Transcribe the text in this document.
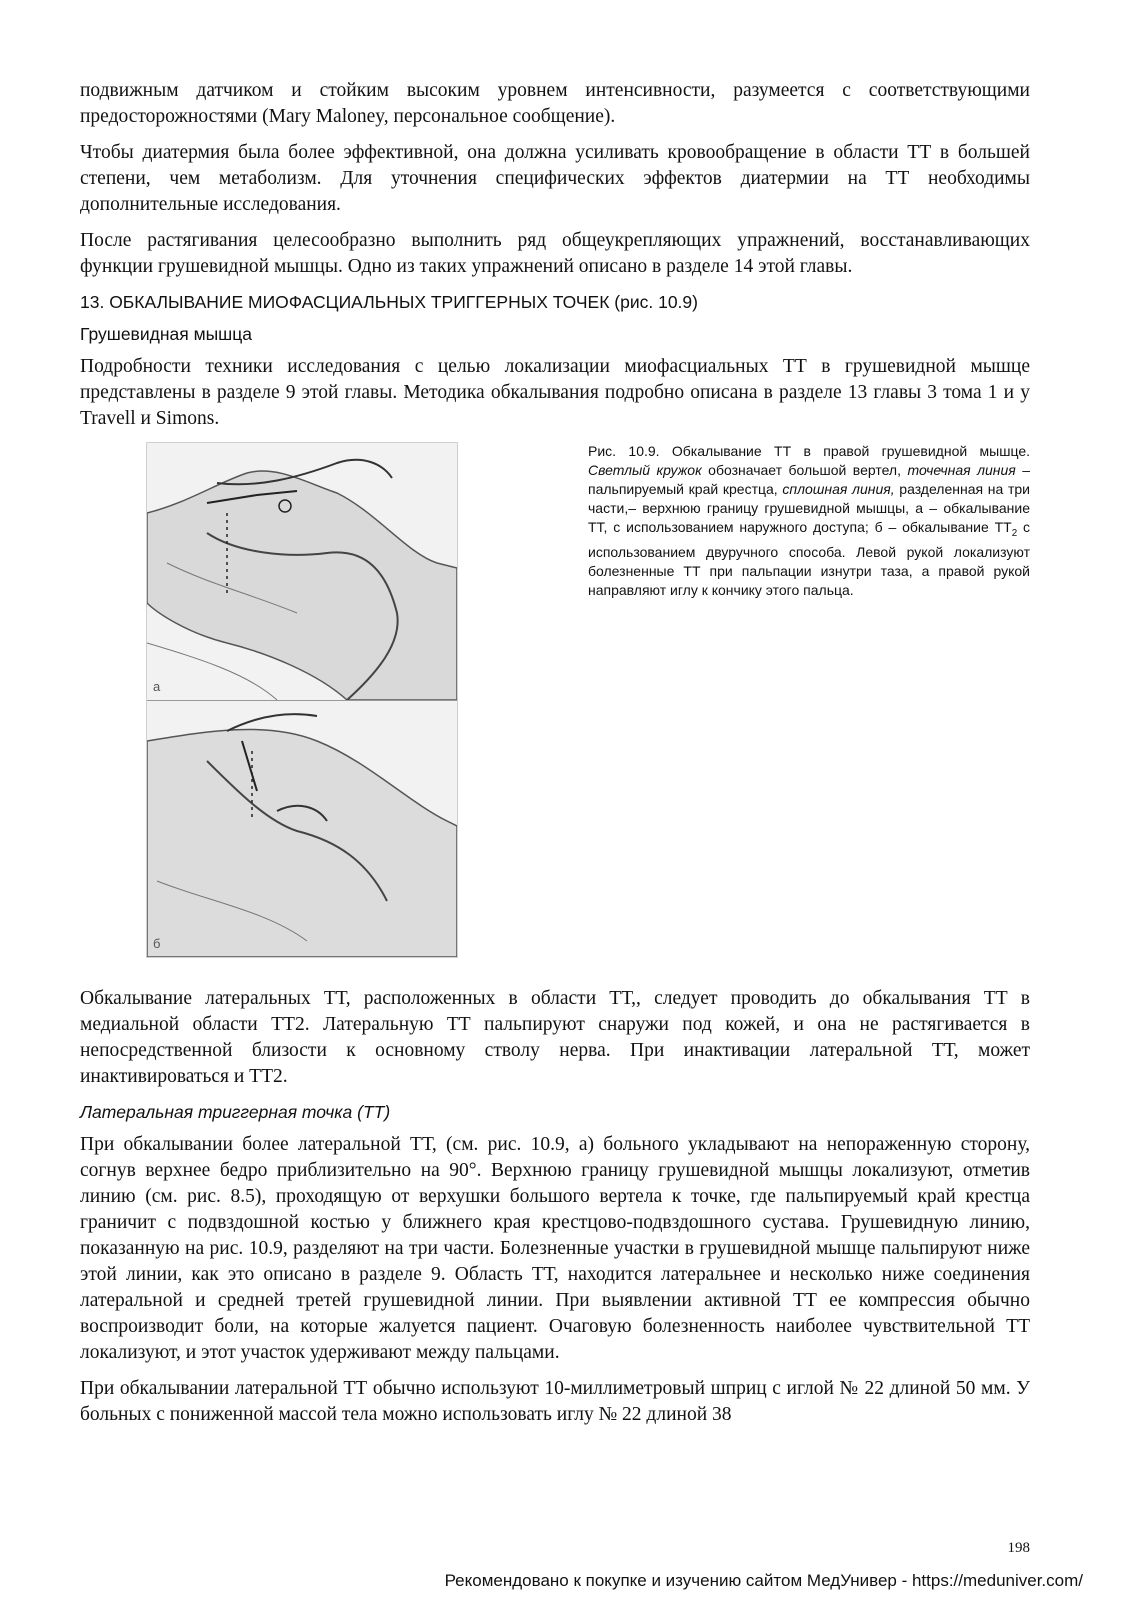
подвижным датчиком и стойким высоким уровнем интенсивности, разумеется с соответствующими предосторожностями (Mary Maloney, персональное сообщение).

Чтобы диатермия была более эффективной, она должна усиливать кровообращение в области ТТ в большей степени, чем метаболизм. Для уточнения специфических эффектов диатермии на ТТ необходимы дополнительные исследования.

После растягивания целесообразно выполнить ряд общеукрепляющих упражнений, восстанавливающих функции грушевидной мышцы. Одно из таких упражнений описано в разделе 14 этой главы.

13. ОБКАЛЫВАНИЕ МИОФАСЦИАЛЬНЫХ ТРИГГЕРНЫХ ТОЧЕК (рис. 10.9)
Грушевидная мышца

Подробности техники исследования с целью локализации миофасциальных ТТ в грушевидной мышце представлены в разделе 9 этой главы. Методика обкалывания подробно описана в разделе 13 главы 3 тома 1 и у Travell и Simons.

а
б
Рис. 10.9. Обкалывание ТТ в правой грушевидной мышце. Светлый кружок обозначает большой вертел, точечная линия – пальпируемый край крестца, сплошная линия, разделенная на три части,– верхнюю границу грушевидной мышцы, а – обкалывание ТТ, с использованием наружного доступа; б – обкалывание $ТТ_2$ с использованием двуручного способа. Левой рукой локализуют болезненные ТТ при пальпации изнутри таза, а правой рукой направляют иглу к кончику этого пальца.

Обкалывание латеральных ТТ, расположенных в области ТТ,, следует проводить до обкалывания ТТ в медиальной области ТТ2. Латеральную ТТ пальпируют снаружи под кожей, и она не растягивается в непосредственной близости к основному стволу нерва. При инактивации латеральной ТТ, может инактивироваться и ТТ2.

Латеральная триггерная точка (ТТ)

При обкалывании более латеральной ТТ, (см. рис. 10.9, а) больного укладывают на непораженную сторону, согнув верхнее бедро приблизительно на 90°. Верхнюю границу грушевидной мышцы локализуют, отметив линию (см. рис. 8.5), проходящую от верхушки большого вертела к точке, где пальпируемый край крестца граничит с подвздошной костью у ближнего края крестцово-подвздошного сустава. Грушевидную линию, показанную на рис. 10.9, разделяют на три части. Болезненные участки в грушевидной мышце пальпируют ниже этой линии, как это описано в разделе 9. Область ТТ, находится латеральнее и несколько ниже соединения латеральной и средней третей грушевидной линии. При выявлении активной ТТ ее компрессия обычно воспроизводит боли, на которые жалуется пациент. Очаговую болезненность наиболее чувствительной ТТ локализуют, и этот участок удерживают между пальцами.

При обкалывании латеральной ТТ обычно используют 10-миллиметровый шприц с иглой № 22 длиной 50 мм. У больных с пониженной массой тела можно использовать иглу № 22 длиной 38

198
Рекомендовано к покупке и изучению сайтом МедУнивер - https://meduniver.com/
